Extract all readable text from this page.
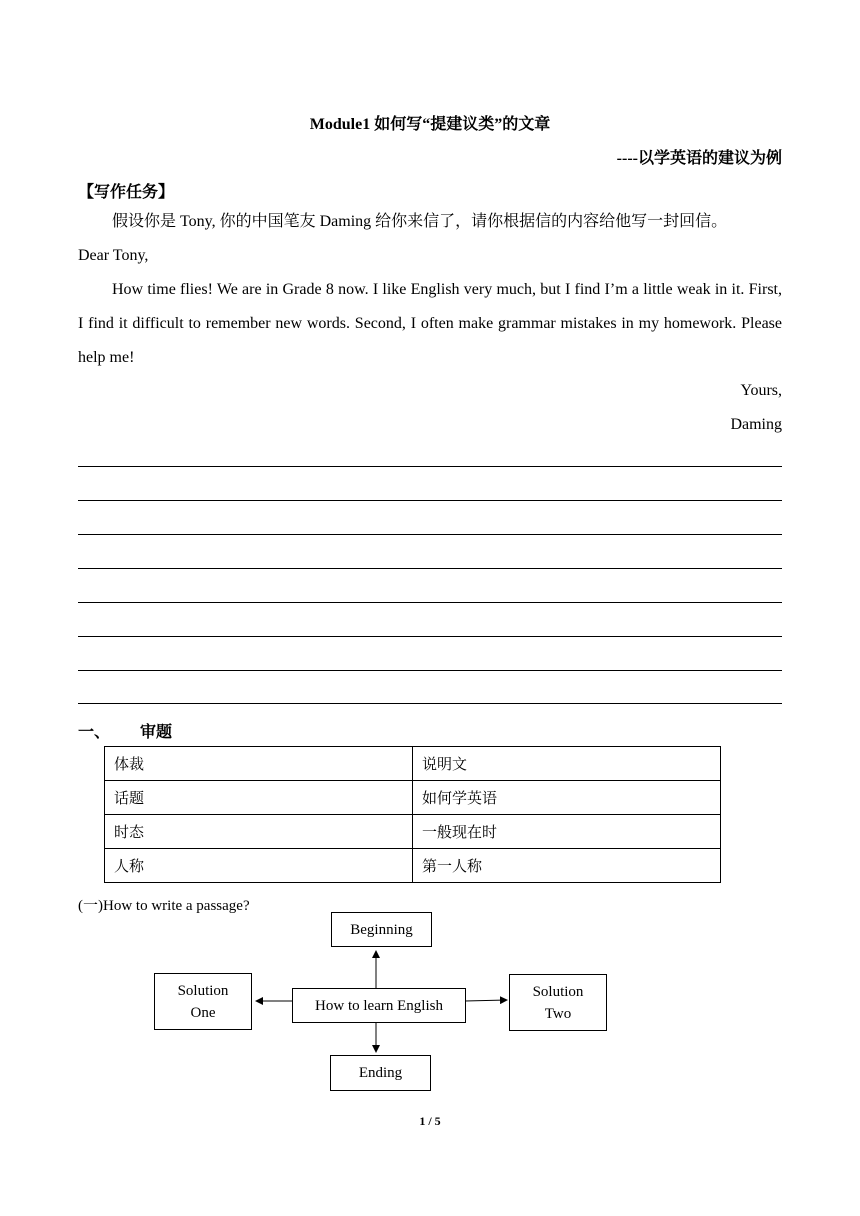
Module1 如何写“提建议类”的文章
----以学英语的建议为例
【写作任务】
假设你是 Tony, 你的中国笔友 Daming 给你来信了，请你根据信的内容给他写一封回信。
Dear Tony,
How time flies! We are in Grade 8 now. I like English very much, but I find I’m a little weak in it. First, I find it difficult to remember new words. Second, I often make grammar mistakes in my homework. Please help me!
Yours,
Daming
一、 审题
体裁	说明文
话题	如何学英语
时态	一般现在时
人称	第一人称
(一)How to write a passage?
Beginning
Solution One	How to learn English
Solution Two
Ending
1 / 5
